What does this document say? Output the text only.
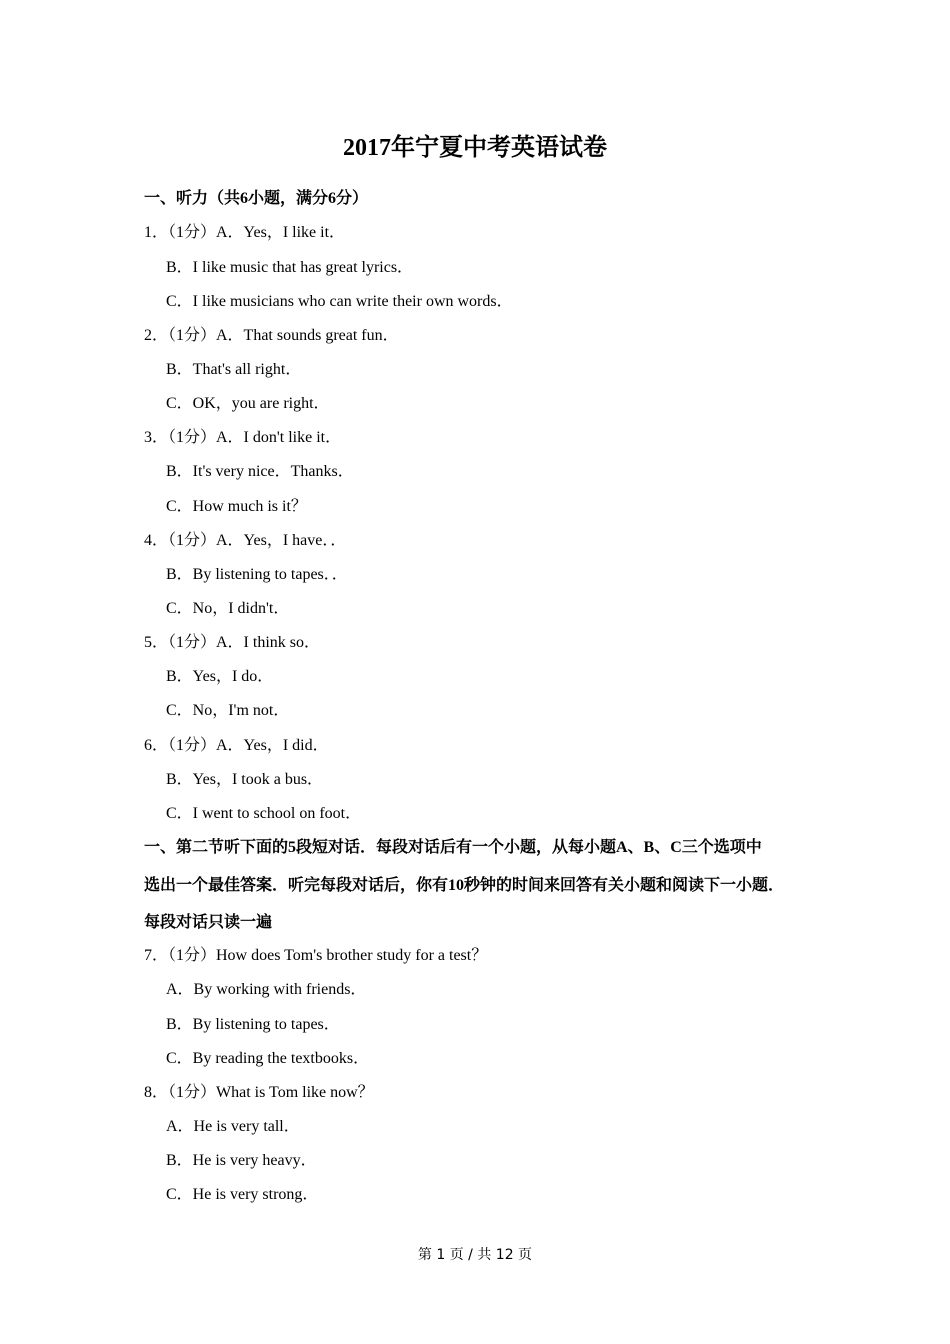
2017年宁夏中考英语试卷
一、听力（共6小题，满分6分）
1．（1分）A．Yes，I like it．
B．I like music that has great lyrics．
C．I like musicians who can write their own words．
2．（1分）A．That sounds great fun．
B．That's all right．
C．OK，you are right．
3．（1分）A．I don't like it．
B．It's very nice．Thanks．
C．How much is it？
4．（1分）A．Yes，I have．．
B．By listening to tapes．．
C．No，I didn't．
5．（1分）A．I think so．
B．Yes，I do．
C．No，I'm not．
6．（1分）A．Yes，I did．
B．Yes，I took a bus．
C．I went to school on foot．
一、第二节听下面的5段短对话．每段对话后有一个小题，从每小题A、B、C三个选项中
选出一个最佳答案．听完每段对话后，你有10秒钟的时间来回答有关小题和阅读下一小题．
每段对话只读一遍
7．（1分）How does Tom's brother study for a test？
A．By working with friends．
B．By listening to tapes．
C．By reading the textbooks．
8．（1分）What is Tom like now？
A．He is very tall．
B．He is very heavy．
C．He is very strong．
第 1 页 / 共 12 页
